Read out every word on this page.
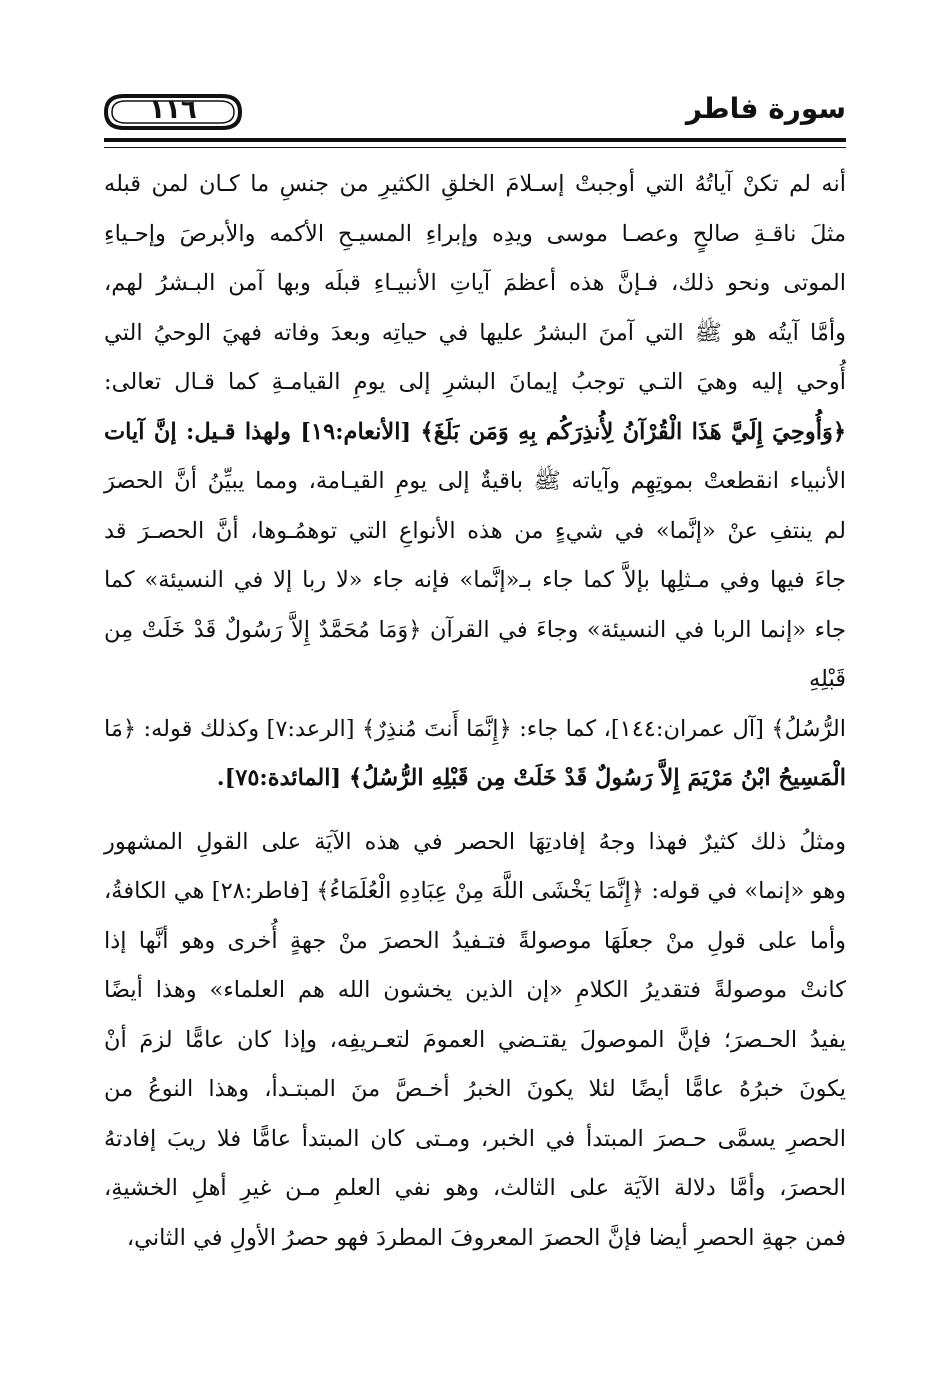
سورة فاطر
١١٦

أنه لم تكنْ آياتُهُ التي أوجبتْ إسـلامَ الخلقِ الكثيرِ من جنسِ ما كـان لمن قبله
مثلَ ناقـةِ صالحٍ وعصـا موسى ويدِه وإبراءِ المسيـحِ الأكمه والأبرصَ وإحـياءِ
الموتى ونحو ذلك، فـإنَّ هذه أعظمَ آياتِ الأنبيـاءِ قبلَه وبها آمن البـشرُ لهم،
وأمَّا آيتُه هو ﷺ التي آمنَ البشرُ عليها في حياتِه وبعدَ وفاته فهيَ الوحيُ التي
أُوحي إليه وهيَ التـي توجبُ إيمانَ البشرِ إلى يومِ القيامـةِ كما قـال تعالى:
﴿وَأُوحِيَ إِلَيَّ هَذَا الْقُرْآنُ لِأُنذِرَكُم بِهِ وَمَن بَلَغَ﴾ [الأنعام:١٩] ولهذا قـيل: إنَّ آيات
الأنبياء انقطعتْ بموتِهِم وآياته ﷺ باقيةٌ إلى يومِ القيـامة، ومما يبيِّنُ أنَّ الحصرَ
لم ينتفِ عنْ «إنَّما» في شيءٍ من هذه الأنواعِ التي توهمُـوها، أنَّ الحصـرَ قد
جاءَ فيها وفي مـثلِها بإلاَّ كما جاء بـ«إنَّما» فإنه جاء «لا ربا إلا في النسيئة» كما
جاء «إنما الربا في النسيئة» وجاءَ في القرآن ﴿وَمَا مُحَمَّدٌ إِلاَّ رَسُولٌ قَدْ خَلَتْ مِن قَبْلِهِ
الرُّسُلُ﴾ [آل عمران:١٤٤]، كما جاء: ﴿إِنَّمَا أَنتَ مُنذِرٌ﴾ [الرعد:٧] وكذلك قوله: ﴿مَا
الْمَسِيحُ ابْنُ مَرْيَمَ إِلاَّ رَسُولٌ قَدْ خَلَتْ مِن قَبْلِهِ الرُّسُلُ﴾ [المائدة:٧٥].

ومثلُ ذلك كثيرٌ فهذا وجهُ إفادتِهَا الحصر في هذه الآيَة على القولِ المشهور
وهو «إنما» في قوله: ﴿إِنَّمَا يَخْشَى اللَّهَ مِنْ عِبَادِهِ الْعُلَمَاءُ﴾ [فاطر:٢٨] هي الكافةُ،
وأما على قولِ منْ جعلَهَا موصولةً فتـفيدُ الحصرَ منْ جهةٍ أُخرى وهو أنَّها إذا
كانتْ موصولةً فتقديرُ الكلامِ «إن الذين يخشون الله هم العلماء» وهذا أيضًا
يفيدُ الحـصرَ؛ فإنَّ الموصولَ يقتـضي العمومَ لتعـريفِه، وإذا كان عامًّا لزمَ أنْ
يكونَ خبرُهُ عامًّا أيضًا لئلا يكونَ الخبرُ أخـصَّ منَ المبتـدأ، وهذا النوعُ من
الحصرِ يسمَّى حـصرَ المبتدأ في الخبر، ومـتى كان المبتدأ عامًّا فلا ريبَ إفادتهُ
الحصرَ، وأمَّا دلالة الآيَة على الثالث، وهو نفي العلمِ مـن غيرِ أهلِ الخشيةِ،
فمن جهةِ الحصرِ أيضا فإنَّ الحصرَ المعروفَ المطردَ فهو حصرُ الأولِ في الثاني،
